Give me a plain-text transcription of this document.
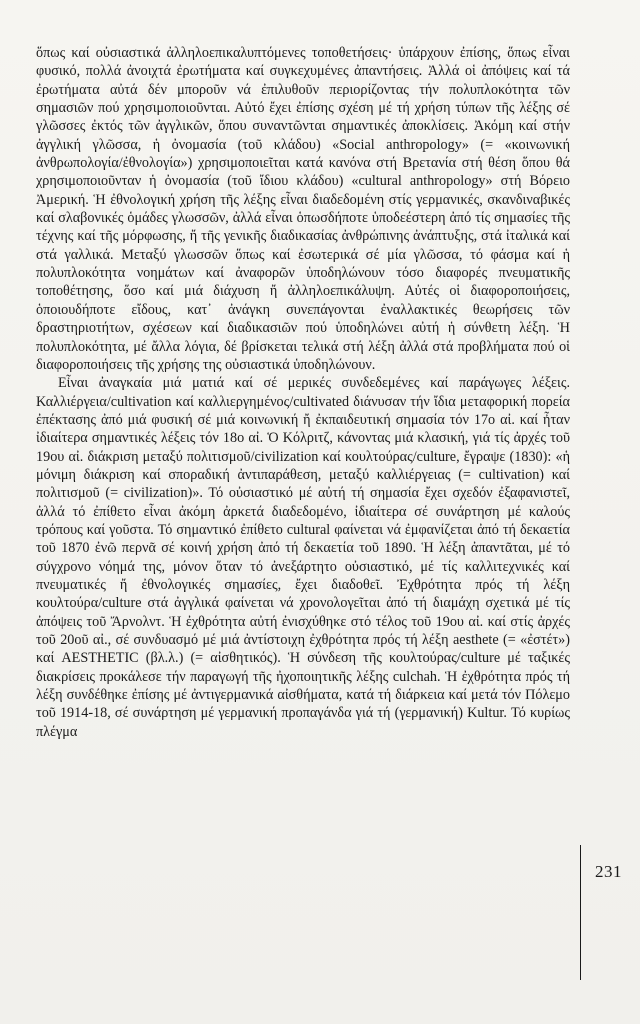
ὅπως καί οὐσιαστικά ἀλληλοεπικαλυπτόμενες τοποθετήσεις· ὑπάρχουν ἐπίσης, ὅπως εἶναι φυσικό, πολλά ἀνοιχτά ἐρωτήματα καί συγκεχυμένες ἀπαντήσεις. Ἀλλά οἱ ἀπόψεις καί τά ἐρωτήματα αὐτά δέν μποροῦν νά ἐπιλυθοῦν περιορίζοντας τήν πολυπλοκότητα τῶν σημασιῶν πού χρησιμοποιοῦνται. Αὐτό ἔχει ἐπίσης σχέση μέ τή χρήση τύπων τῆς λέξης σέ γλῶσσες ἐκτός τῶν ἀγγλικῶν, ὅπου συναντῶνται σημαντικές ἀποκλίσεις. Ἀκόμη καί στήν ἀγγλική γλῶσσα, ἡ ὀνομασία (τοῦ κλάδου) «Social anthropology» (= «κοινωνική ἀνθρωπολογία/ἐθνολογία») χρησιμοποιεῖται κατά κανόνα στή Βρετανία στή θέση ὅπου θά χρησιμοποιοῦνταν ἡ ὀνομασία (τοῦ ἴδιου κλάδου) «cultural anthropology» στή Βόρειο Ἀμερική. Ἡ ἐθνολογική χρήση τῆς λέξης εἶναι διαδεδομένη στίς γερμανικές, σκανδιναβικές καί σλαβονικές ὁμάδες γλωσσῶν, ἀλλά εἶναι ὁπωσδήποτε ὑποδεέστερη ἀπό τίς σημασίες τῆς τέχνης καί τῆς μόρφωσης, ἤ τῆς γενικῆς διαδικασίας ἀνθρώπινης ἀνάπτυξης, στά ἰταλικά καί στά γαλλικά. Μεταξύ γλωσσῶν ὅπως καί ἐσωτερικά σέ μία γλῶσσα, τό φάσμα καί ἡ πολυπλοκότητα νοημάτων καί ἀναφορῶν ὑποδηλώνουν τόσο διαφορές πνευματικῆς τοποθέτησης, ὅσο καί μιά διάχυση ἤ ἀλληλοεπικάλυψη. Αὐτές οἱ διαφοροποιήσεις, ὁποιουδήποτε εἴδους, κατ᾽ ἀνάγκη συνεπάγονται ἐναλλακτικές θεωρήσεις τῶν δραστηριοτήτων, σχέσεων καί διαδικασιῶν πού ὑποδηλώνει αὐτή ἡ σύνθετη λέξη. Ἡ πολυπλοκότητα, μέ ἄλλα λόγια, δέ βρίσκεται τελικά στή λέξη ἀλλά στά προβλήματα πού οἱ διαφοροποιήσεις τῆς χρήσης της οὐσιαστικά ὑποδηλώνουν.

Εἶναι ἀναγκαία μιά ματιά καί σέ μερικές συνδεδεμένες καί παράγωγες λέξεις. Καλλιέργεια/cultivation καί καλλιεργημένος/cultivated διάνυσαν τήν ἴδια μεταφορική πορεία ἐπέκτασης ἀπό μιά φυσική σέ μιά κοινωνική ἤ ἐκπαιδευτική σημασία τόν 17ο αἰ. καί ἦταν ἰδιαίτερα σημαντικές λέξεις τόν 18ο αἰ. Ὁ Κόλριτζ, κάνοντας μιά κλασική, γιά τίς ἀρχές τοῦ 19ου αἰ. διάκριση μεταξύ πολιτισμοῦ/civilization καί κουλτούρας/culture, ἔγραψε (1830): «ἡ μόνιμη διάκριση καί σποραδική ἀντιπαράθεση, μεταξύ καλλιέργειας (= cultivation) καί πολιτισμοῦ (= civilization)». Τό οὐσιαστικό μέ αὐτή τή σημασία ἔχει σχεδόν ἐξαφανιστεῖ, ἀλλά τό ἐπίθετο εἶναι ἀκόμη ἀρκετά διαδεδομένο, ἰδιαίτερα σέ συνάρτηση μέ καλούς τρόπους καί γοῦστα. Τό σημαντικό ἐπίθετο cultural φαίνεται νά ἐμφανίζεται ἀπό τή δεκαετία τοῦ 1870 ἐνῶ περνᾶ σέ κοινή χρήση ἀπό τή δεκαετία τοῦ 1890. Ἡ λέξη ἀπαντᾶται, μέ τό σύγχρονο νόημά της, μόνον ὅταν τό ἀνεξάρτητο οὐσιαστικό, μέ τίς καλλιτεχνικές καί πνευματικές ἤ ἐθνολογικές σημασίες, ἔχει διαδοθεῖ. Ἐχθρότητα πρός τή λέξη κουλτούρα/culture στά ἀγγλικά φαίνεται νά χρονολογεῖται ἀπό τή διαμάχη σχετικά μέ τίς ἀπόψεις τοῦ Ἄρνολντ. Ἡ ἐχθρότητα αὐτή ἐνισχύθηκε στό τέλος τοῦ 19ου αἰ. καί στίς ἀρχές τοῦ 20οῦ αἰ., σέ συνδυασμό μέ μιά ἀντίστοιχη ἐχθρότητα πρός τή λέξη aesthete (= «ἐστέτ») καί AESTHETIC (βλ.λ.) (= αἰσθητικός). Ἡ σύνδεση τῆς κουλτούρας/culture μέ ταξικές διακρίσεις προκάλεσε τήν παραγωγή τῆς ἠχοποιητικῆς λέξης culchah. Ἡ ἐχθρότητα πρός τή λέξη συνδέθηκε ἐπίσης μέ ἀντιγερμανικά αἰσθήματα, κατά τή διάρκεια καί μετά τόν Πόλεμο τοῦ 1914-18, σέ συνάρτηση μέ γερμανική προπαγάνδα γιά τή (γερμανική) Kultur. Τό κυρίως πλέγμα

231
